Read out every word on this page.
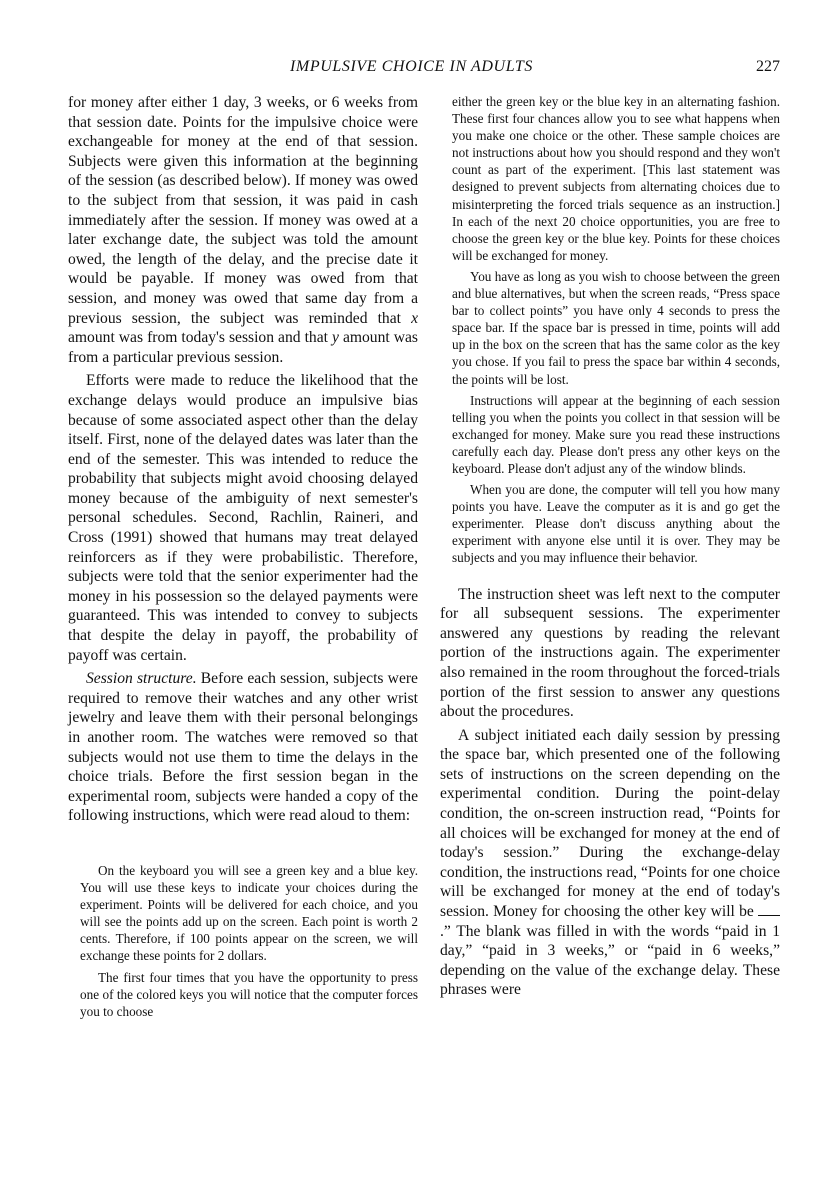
IMPULSIVE CHOICE IN ADULTS	227

for money after either 1 day, 3 weeks, or 6 weeks from that session date. Points for the impulsive choice were exchangeable for money at the end of that session. Subjects were given this information at the beginning of the session (as described below). If money was owed to the subject from that session, it was paid in cash immediately after the session. If money was owed at a later exchange date, the subject was told the amount owed, the length of the delay, and the precise date it would be payable. If money was owed from that session, and money was owed that same day from a previous session, the subject was reminded that x amount was from today's session and that y amount was from a particular previous session.

Efforts were made to reduce the likelihood that the exchange delays would produce an impulsive bias because of some associated aspect other than the delay itself. First, none of the delayed dates was later than the end of the semester. This was intended to reduce the probability that subjects might avoid choosing delayed money because of the ambiguity of next semester's personal schedules. Second, Rachlin, Raineri, and Cross (1991) showed that humans may treat delayed reinforcers as if they were probabilistic. Therefore, subjects were told that the senior experimenter had the money in his possession so the delayed payments were guaranteed. This was intended to convey to subjects that despite the delay in payoff, the probability of payoff was certain.

Session structure. Before each session, subjects were required to remove their watches and any other wrist jewelry and leave them with their personal belongings in another room. The watches were removed so that subjects would not use them to time the delays in the choice trials. Before the first session began in the experimental room, subjects were handed a copy of the following instructions, which were read aloud to them:

On the keyboard you will see a green key and a blue key. You will use these keys to indicate your choices during the experiment. Points will be delivered for each choice, and you will see the points add up on the screen. Each point is worth 2 cents. Therefore, if 100 points appear on the screen, we will exchange these points for 2 dollars.

The first four times that you have the opportunity to press one of the colored keys you will notice that the computer forces you to choose

either the green key or the blue key in an alternating fashion. These first four chances allow you to see what happens when you make one choice or the other. These sample choices are not instructions about how you should respond and they won't count as part of the experiment. [This last statement was designed to prevent subjects from alternating choices due to misinterpreting the forced trials sequence as an instruction.] In each of the next 20 choice opportunities, you are free to choose the green key or the blue key. Points for these choices will be exchanged for money.

You have as long as you wish to choose between the green and blue alternatives, but when the screen reads, “Press space bar to collect points” you have only 4 seconds to press the space bar. If the space bar is pressed in time, points will add up in the box on the screen that has the same color as the key you chose. If you fail to press the space bar within 4 seconds, the points will be lost.

Instructions will appear at the beginning of each session telling you when the points you collect in that session will be exchanged for money. Make sure you read these instructions carefully each day. Please don't press any other keys on the keyboard. Please don't adjust any of the window blinds.

When you are done, the computer will tell you how many points you have. Leave the computer as it is and go get the experimenter. Please don't discuss anything about the experiment with anyone else until it is over. They may be subjects and you may influence their behavior.

The instruction sheet was left next to the computer for all subsequent sessions. The experimenter answered any questions by reading the relevant portion of the instructions again. The experimenter also remained in the room throughout the forced-trials portion of the first session to answer any questions about the procedures.

A subject initiated each daily session by pressing the space bar, which presented one of the following sets of instructions on the screen depending on the experimental condition. During the point-delay condition, the on-screen instruction read, “Points for all choices will be exchanged for money at the end of today's session.” During the exchange-delay condition, the instructions read, “Points for one choice will be exchanged for money at the end of today's session. Money for choosing the other key will be .” The blank was filled in with the words “paid in 1 day,” “paid in 3 weeks,” or “paid in 6 weeks,” depending on the value of the exchange delay. These phrases were
